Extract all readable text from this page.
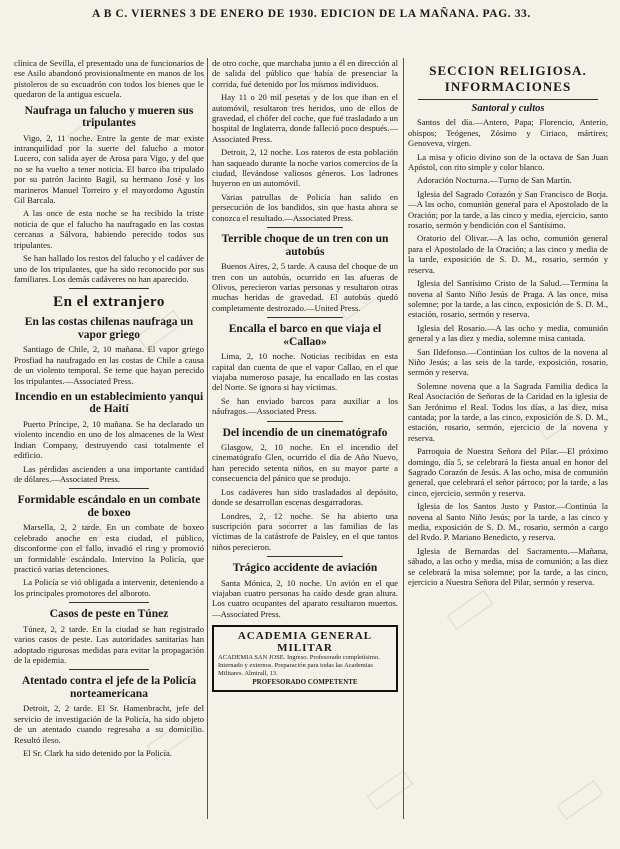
A B C. VIERNES 3 DE ENERO DE 1930. EDICION DE LA MAÑANA. PAG. 33.

clínica de Sevilla, el presentado una de funcionarios de ese Asilo abandonó provisionalmente en manos de los pistoleros de su escuadrón con todos los bienes que le quedaron de la antigua escuela.

Naufraga un falucho y mueren sus tripulantes

Vigo, 2, 11 noche. Entre la gente de mar existe intranquilidad por la suerte del falucho a motor Lucero, con salida ayer de Arosa para Vigo, y del que no se ha vuelto a tener noticia. El barco iba tripulado por su patrón Jacinto Bagil, su hermano José y los marineros Manuel Torreiro y el mayordomo Agustín Gil Barcala.

A las once de esta noche se ha recibido la triste noticia de que el falucho ha naufragado en las costas cercanas a Sálvora, habiendo perecido todos sus tripulantes.

Se han hallado los restos del falucho y el cadáver de uno de los tripulantes, que ha sido reconocido por sus familiares. Los demás cadáveres no han aparecido.

En el extranjero
En las costas chilenas naufraga un vapor griego

Santiago de Chile, 2, 10 mañana. El vapor griego Prosfiad ha naufragado en las costas de Chile a causa de un violento temporal. Se teme que hayan perecido los tripulantes.—Associated Press.

Incendio en un establecimiento yanqui de Haití

Puerto Príncipe, 2, 10 mañana. Se ha declarado un violento incendio en uno de los almacenes de la West Indian Company, destruyendo casi totalmente el edificio.

Las pérdidas ascienden a una importante cantidad de dólares.—Associated Press.

Formidable escándalo en un combate de boxeo

Marsella, 2, 2 tarde. En un combate de boxeo celebrado anoche en esta ciudad, el público, disconforme con el fallo, invadió el ring y promovió un formidable escándalo. Intervino la Policía, que practicó varias detenciones.

La Policía se vió obligada a intervenir, deteniendo a los principales promotores del alboroto.

Casos de peste en Túnez

Túnez, 2, 2 tarde. En la ciudad se han registrado varios casos de peste. Las autoridades sanitarias han adoptado rigurosas medidas para evitar la propagación de la epidemia.

Atentado contra el jefe de la Policía norteamericana

Detroit, 2, 2 tarde. El Sr. Hamenbracht, jefe del servicio de investigación de la Policía, ha sido objeto de un atentado cuando regresaba a su domicilio. Resultó ileso.

El Sr. Clark ha sido detenido por la Policía.

de otro coche, que marchaba junto a él en dirección al de salida del público que había de presenciar la corrida, fué detenido por los mismos individuos.

Hay 11 o 20 mil pesetas y de los que iban en el automóvil, resultaron tres heridos, uno de ellos de gravedad, el chófer del coche, que fué trasladado a un hospital de Inglaterra, donde falleció poco después.—Associated Press.

Detroit, 2, 12 noche. Los rateros de esta población han saqueado durante la noche varios comercios de la ciudad, llevándose valiosos géneros. Los ladrones huyeron en un automóvil.

Varias patrullas de Policía han salido en persecución de los bandidos, sin que hasta ahora se conozca el resultado.—Associated Press.

Terrible choque de un tren con un autobús

Buenos Aires, 2, 5 tarde. A causa del choque de un tren con un autobús, ocurrido en las afueras de Olivos, perecieron varias personas y resultaron otras muchas heridas de gravedad. El autobús quedó completamente destrozado.—United Press.

Encalla el barco en que viaja el «Callao»

Lima, 2, 10 noche. Noticias recibidas en esta capital dan cuenta de que el vapor Callao, en el que viajaba numeroso pasaje, ha encallado en las costas del Norte. Se ignora si hay víctimas.

Se han enviado barcos para auxiliar a los náufragos.—Associated Press.

Del incendio de un cinematógrafo

Glasgow, 2, 10 noche. En el incendio del cinematógrafo Glen, ocurrido el día de Año Nuevo, han perecido setenta niños, en su mayor parte a consecuencia del pánico que se produjo.

Los cadáveres han sido trasladados al depósito, donde se desarrollan escenas desgarradoras.

Londres, 2, 12 noche. Se ha abierto una suscripción para socorrer a las familias de las víctimas de la catástrofe de Paisley, en el que tantos niños perecieron.

Trágico accidente de aviación

Santa Mónica, 2, 10 noche. Un avión en el que viajaban cuatro personas ha caído desde gran altura. Los cuatro ocupantes del aparato resultaron muertos.—Associated Press.

ACADEMIA GENERAL MILITAR
ACADEMIA SAN JOSE. Ingreso. Profesorado completísimo. Internado y externos. Preparación para todas las Academias Militares. Almirall, 13.
PROFESORADO COMPETENTE
SECCION RELIGIOSA. INFORMACIONES
Santoral y cultos

Santos del día.—Antero, Papa; Florencio, Anterio, obispos; Teógenes, Zósimo y Ciriaco, mártires; Genoveva, virgen.

La misa y oficio divino son de la octava de San Juan Apóstol, con rito simple y color blanco.

Adoración Nocturna.—Turno de San Martín.

Iglesia del Sagrado Corazón y San Francisco de Borja.—A las ocho, comunión general para el Apostolado de la Oración; por la tarde, a las cinco y media, ejercicio, santo rosario, sermón y bendición con el Santísimo.

Oratorio del Olivar.—A las ocho, comunión general para el Apostolado de la Oración; a las cinco y media de la tarde, exposición de S. D. M., rosario, sermón y reserva.

Iglesia del Santísimo Cristo de la Salud.—Termina la novena al Santo Niño Jesús de Praga. A las once, misa solemne; por la tarde, a las cinco, exposición de S. D. M., estación, rosario, sermón y reserva.

Iglesia del Rosario.—A las ocho y media, comunión general y a las diez y media, solemne misa cantada.

San Ildefonso.—Continúan los cultos de la novena al Niño Jesús; a las seis de la tarde, exposición, rosario, sermón y reserva.

Solemne novena que a la Sagrada Familia dedica la Real Asociación de Señoras de la Caridad en la iglesia de San Jerónimo el Real. Todos los días, a las diez, misa cantada; por la tarde, a las cinco, exposición de S. D. M., estación, rosario, sermón, ejercicio de la novena y reserva.

Parroquia de Nuestra Señora del Pilar.—El próximo domingo, día 5, se celebrará la fiesta anual en honor del Sagrado Corazón de Jesús. A las ocho, misa de comunión general, que celebrará el señor párroco; por la tarde, a las cinco, ejercicio, sermón y reserva.

Iglesia de los Santos Justo y Pastor.—Continúa la novena al Santo Niño Jesús; por la tarde, a las cinco y media, exposición de S. D. M., rosario, sermón a cargo del Rvdo. P. Mariano Benedicto, y reserva.

Iglesia de Bernardas del Sacramento.—Mañana, sábado, a las ocho y media, misa de comunión; a las diez se celebrará la misa solemne; por la tarde, a las cinco, ejercicio a Nuestra Señora del Pilar, sermón y reserva.
